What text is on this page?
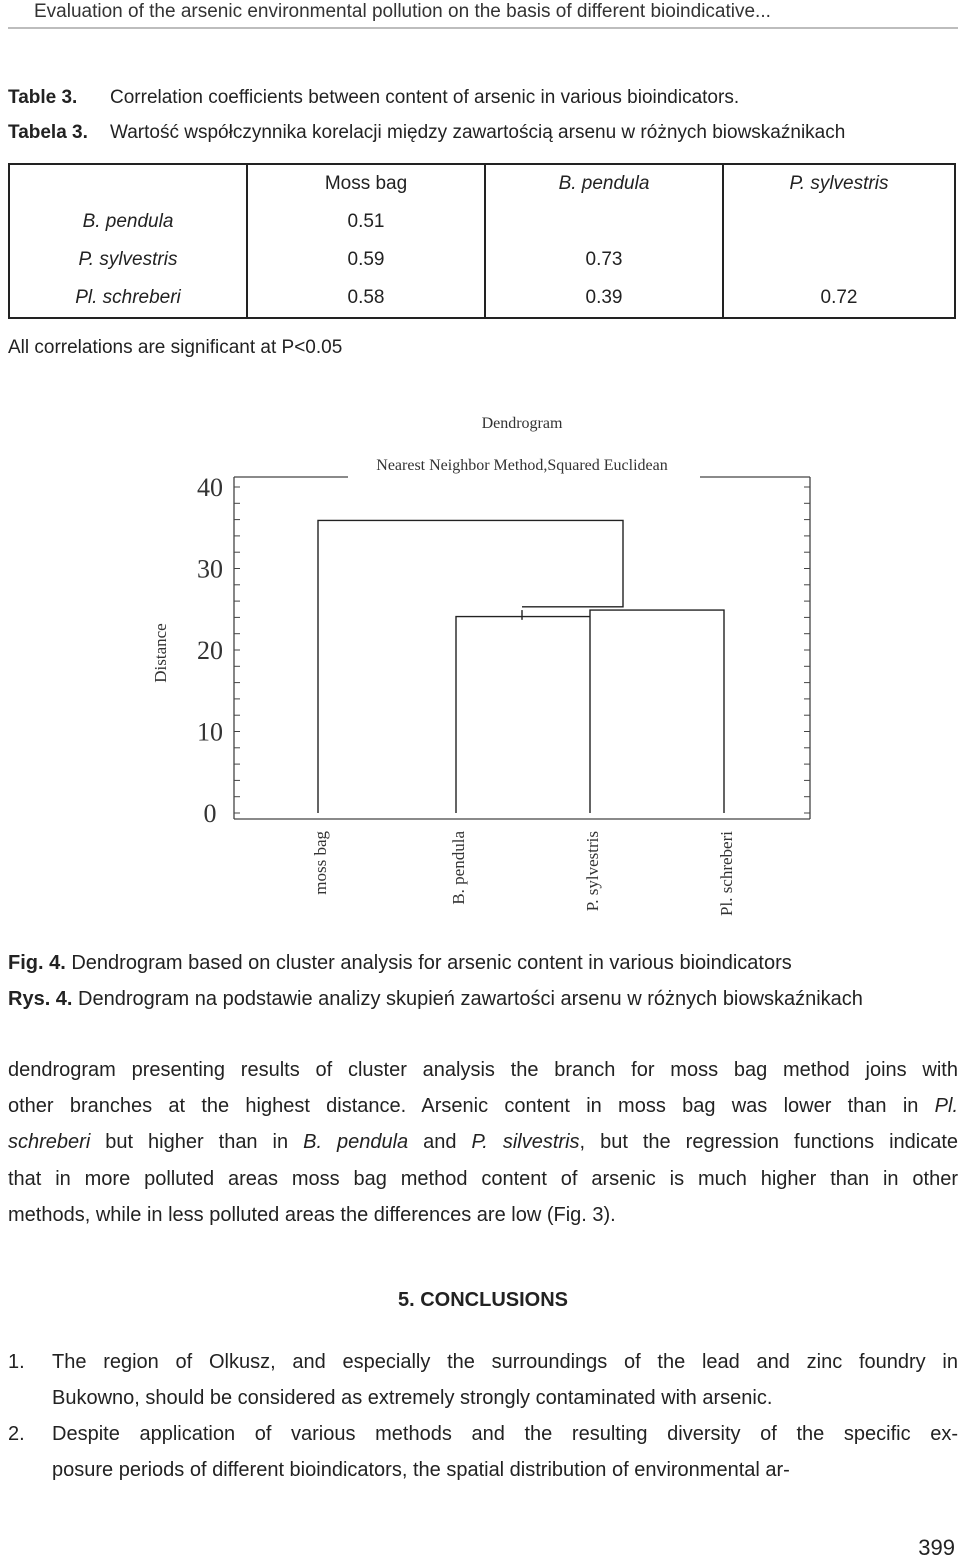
Evaluation of the arsenic environmental pollution on the basis of different bioindicative...
Table 3. Correlation coefficients between content of arsenic in various bioindicators.
Tabela 3. Wartość współczynnika korelacji między zawartością arsenu w różnych biowskaźnikach
	Moss bag	B. pendula	P. sylvestris
B. pendula	0.51		
P. sylvestris	0.59	0.73	
Pl. schreberi	0.58	0.39	0.72
All correlations are significant at P<0.05
Dendrogram
Nearest Neighbor Method,Squared Euclidean
Distance
0
10
20
30
40
moss bag	B. pendula	P. sylvestris	Pl. schreberi
Fig. 4. Dendrogram based on cluster analysis for arsenic content in various bioindicators
Rys. 4. Dendrogram na podstawie analizy skupień zawartości arsenu w różnych biowskaźnikach
dendrogram presenting results of cluster analysis the branch for moss bag method joins with
other branches at the highest distance. Arsenic content in moss bag was lower than in Pl.
schreberi but higher than in B. pendula and P. silvestris, but the regression functions indicate
that in more polluted areas moss bag method content of arsenic is much higher than in other
methods, while in less polluted areas the differences are low (Fig. 3).
5. CONCLUSIONS
1. The region of Olkusz, and especially the surroundings of the lead and zinc foundry in
Bukowno, should be considered as extremely strongly contaminated with arsenic.
2. Despite application of various methods and the resulting diversity of the specific ex-
posure periods of different bioindicators, the spatial distribution of environmental ar-
399
